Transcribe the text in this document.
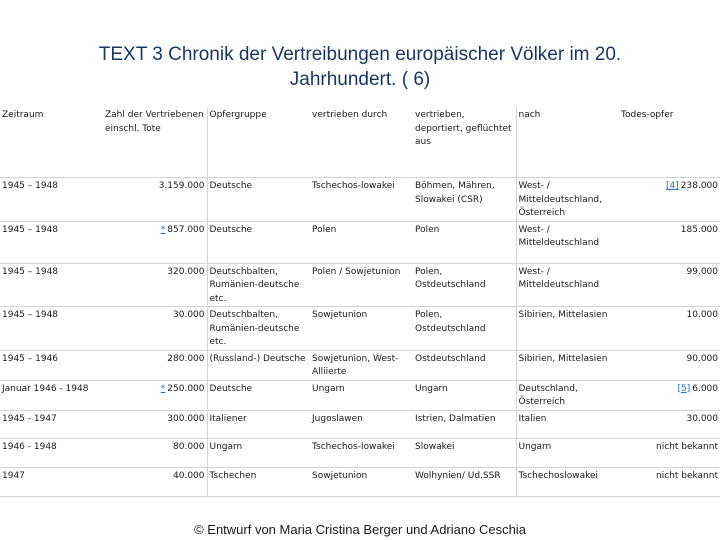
TEXT 3 Chronik der Vertreibungen europäischer Völker im 20.
Jahrhundert. ( 6)
Zeitraum	Zahl der Vertriebenen einschl. Tote	Opfergruppe	vertrieben durch	vertrieben, deportiert, geflüchtet aus	nach	Todes-opfer
1945 – 1948	3.159.000	Deutsche	Tschechos-lowakei	Böhmen, Mähren, Slowakei (CSR)	West- / Mitteldeutschland, Österreich	[4] 238.000
1945 – 1948	* 857.000	Deutsche	Polen	Polen	West- / Mitteldeutschland	185.000
1945 – 1948	320.000	Deutschbalten, Rumänien-deutsche etc.	Polen / Sowjetunion	Polen, Ostdeutschland	West- / Mitteldeutschland	99.000
1945 – 1948	30.000	Deutschbalten, Rumänien-deutsche etc.	Sowjetunion	Polen, Ostdeutschland	Sibirien, Mittelasien	10.000
1945 – 1946	280.000	(Russland-) Deutsche	Sowjetunion, West-Alliierte	Ostdeutschland	Sibirien, Mittelasien	90.000
Januar 1946 - 1948	* 250.000	Deutsche	Ungarn	Ungarn	Deutschland, Österreich	[5] 6.000
1945 - 1947	300.000	Italiener	Jugoslawen	Istrien, Dalmatien	Italien	30.000
1946 - 1948	80.000	Ungarn	Tschechos-lowakei	Slowakei	Ungarn	nicht bekannt
1947	40.000	Tschechen	Sowjetunion	Wolhynien/ Ud.SSR	Tschechoslowakei	nicht bekannt
© Entwurf von Maria Cristina Berger und Adriano Ceschia
